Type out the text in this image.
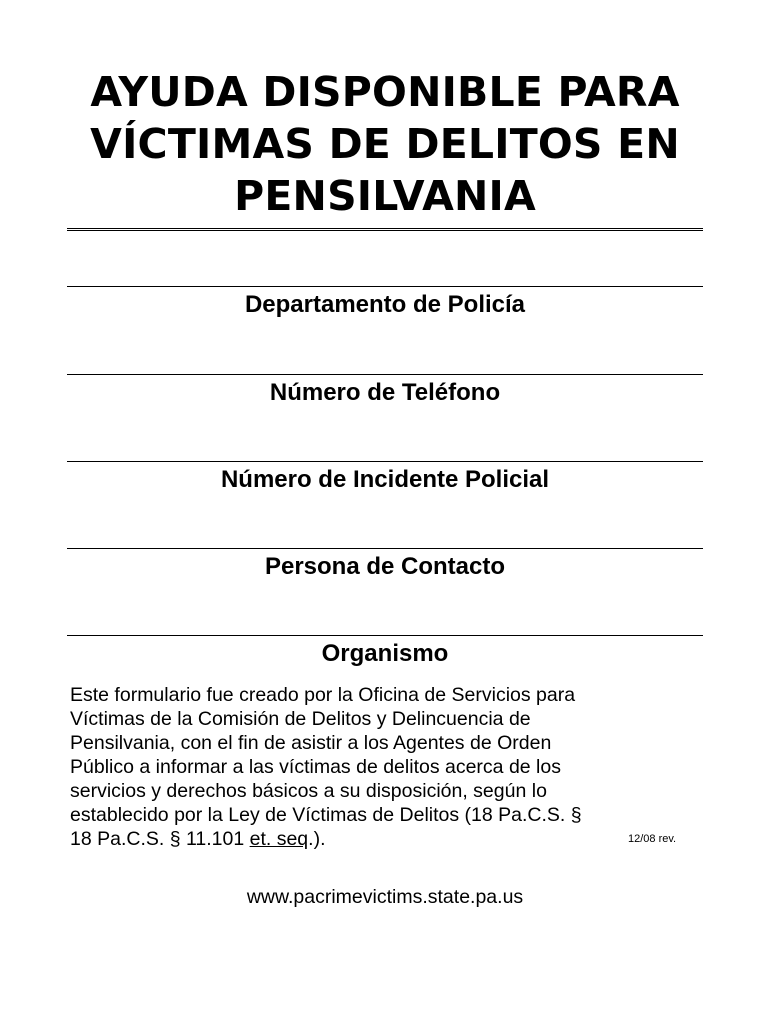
AYUDA DISPONIBLE PARA
VÍCTIMAS DE DELITOS EN
PENSILVANIA

Departamento de Policía

Número de Teléfono

Número de Incidente Policial

Persona de Contacto

Organismo

Este formulario fue creado por la Oficina de Servicios para
Víctimas de la Comisión de Delitos y Delincuencia de
Pensilvania, con el fin de asistir a los Agentes de Orden
Público a informar a las víctimas de delitos acerca de los
servicios y derechos básicos a su disposición, según lo
establecido por la Ley de Víctimas de Delitos (18 Pa.C.S. §
18 Pa.C.S. § 11.101 et. seq.).	12/08 rev.
www.pacrimevictims.state.pa.us
